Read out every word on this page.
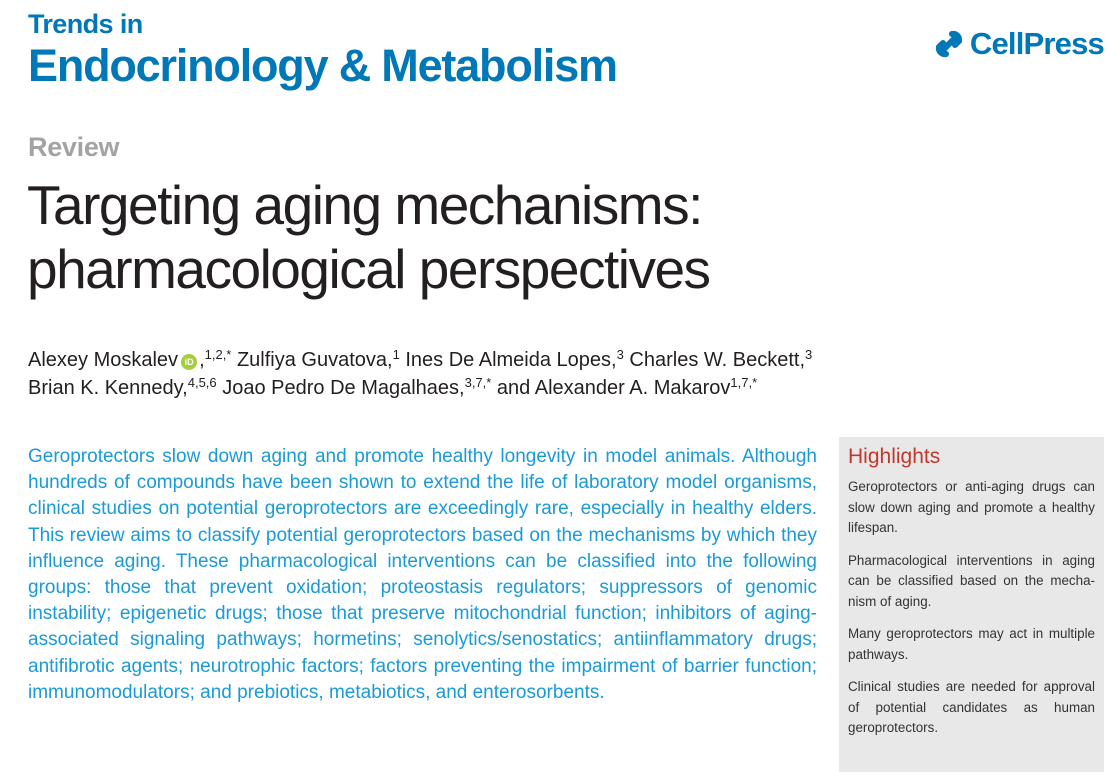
Trends in
Endocrinology & Metabolism	CellPress
Review
Targeting aging mechanisms:
pharmacological perspectives
Alexey Moskalev iD ,$^{1,2,*}$ Zulfiya Guvatova,$^1$ Ines De Almeida Lopes,$^3$ Charles W. Beckett,$^3$
Brian K. Kennedy,$^{4,5,6}$ Joao Pedro De Magalhaes,$^{3,7,*}$ and Alexander A. Makarov$^{1,7,*}$

Geroprotectors slow down aging and promote healthy longevity in model animals. Although hundreds of compounds have been shown to extend the life of laboratory model organisms, clinical studies on potential geroprotectors are exceedingly rare, especially in healthy elders. This review aims to classify potential geroprotectors based on the mechanisms by which they influence aging. These pharmacological interventions can be classified into the following groups: those that prevent oxidation; proteostasis regulators; suppressors of genomic instability; epigenetic drugs; those that preserve mitochondrial function; inhibitors of aging-associated signaling pathways; hormetins; senolytics/senostatics; antiinflammatory drugs; antifibrotic agents; neurotrophic factors; factors preventing the impairment of barrier function; immunomodulators; and prebiotics, metabiotics, and enterosorbents.

Highlights

Geroprotectors or anti-aging drugs can slow down aging and promote a healthy lifespan.

Pharmacological interventions in aging can be classified based on the mechanism of aging.

Many geroprotectors may act in multiple pathways.

Clinical studies are needed for approval of potential candidates as human geroprotectors.
